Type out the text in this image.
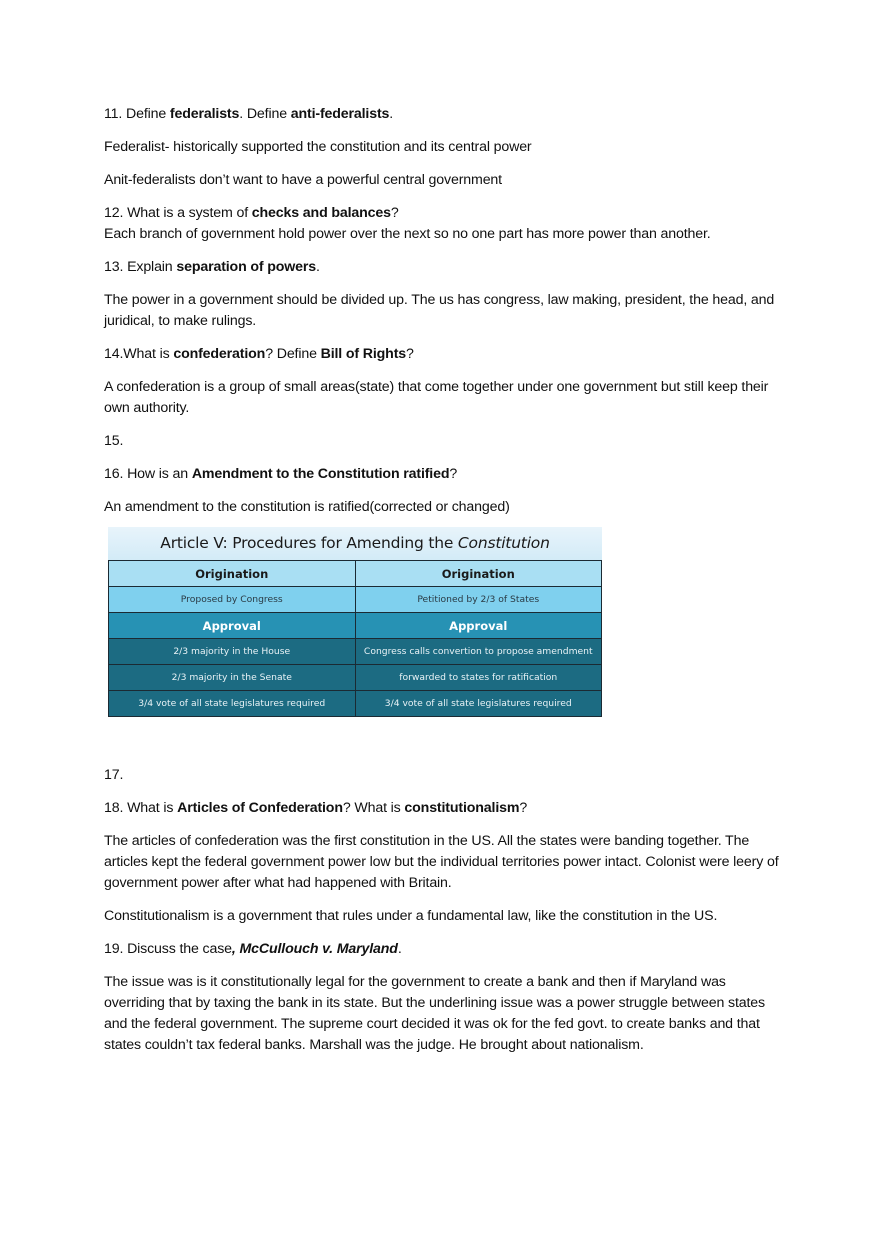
11. Define federalists. Define anti-federalists.

Federalist- historically supported the constitution and its central power

Anit-federalists don’t want to have a powerful central government

12. What is a system of checks and balances?

Each branch of government hold power over the next so no one part has more power than another.

13. Explain separation of powers.

The power in a government should be divided up. The us has congress, law making, president, the head, and juridical, to make rulings.

14.What is confederation? Define Bill of Rights?

A confederation is a group of small areas(state) that come together under one government but still keep their own authority.

15.

16. How is an Amendment to the Constitution ratified?

An amendment to the constitution is ratified(corrected or changed)

17.

18. What is Articles of Confederation? What is constitutionalism?

The articles of confederation was the first constitution in the US. All the states were banding together. The articles kept the federal government power low but the individual territories power intact. Colonist were leery of government power after what had happened with Britain.

Constitutionalism is a government that rules under a fundamental law, like the constitution in the US.

19. Discuss the case, McCullouch v. Maryland.

The issue was is it constitutionally legal for the government to create a bank and then if Maryland was overriding that by taxing the bank in its state. But the underlining issue was a power struggle between states and the federal government. The supreme court decided it was ok for the fed govt. to create banks and that states couldn’t tax federal banks. Marshall was the judge. He brought about nationalism.

Article V: Procedures for Amending the Constitution
Origination	Origination
Proposed by Congress	Petitioned by 2/3 of States
Approval	Approval
2/3 majority in the House	Congress calls convertion to propose amendment
2/3 majority in the Senate	forwarded to states for ratification
3/4 vote of all state legislatures required	3/4 vote of all state legislatures required
